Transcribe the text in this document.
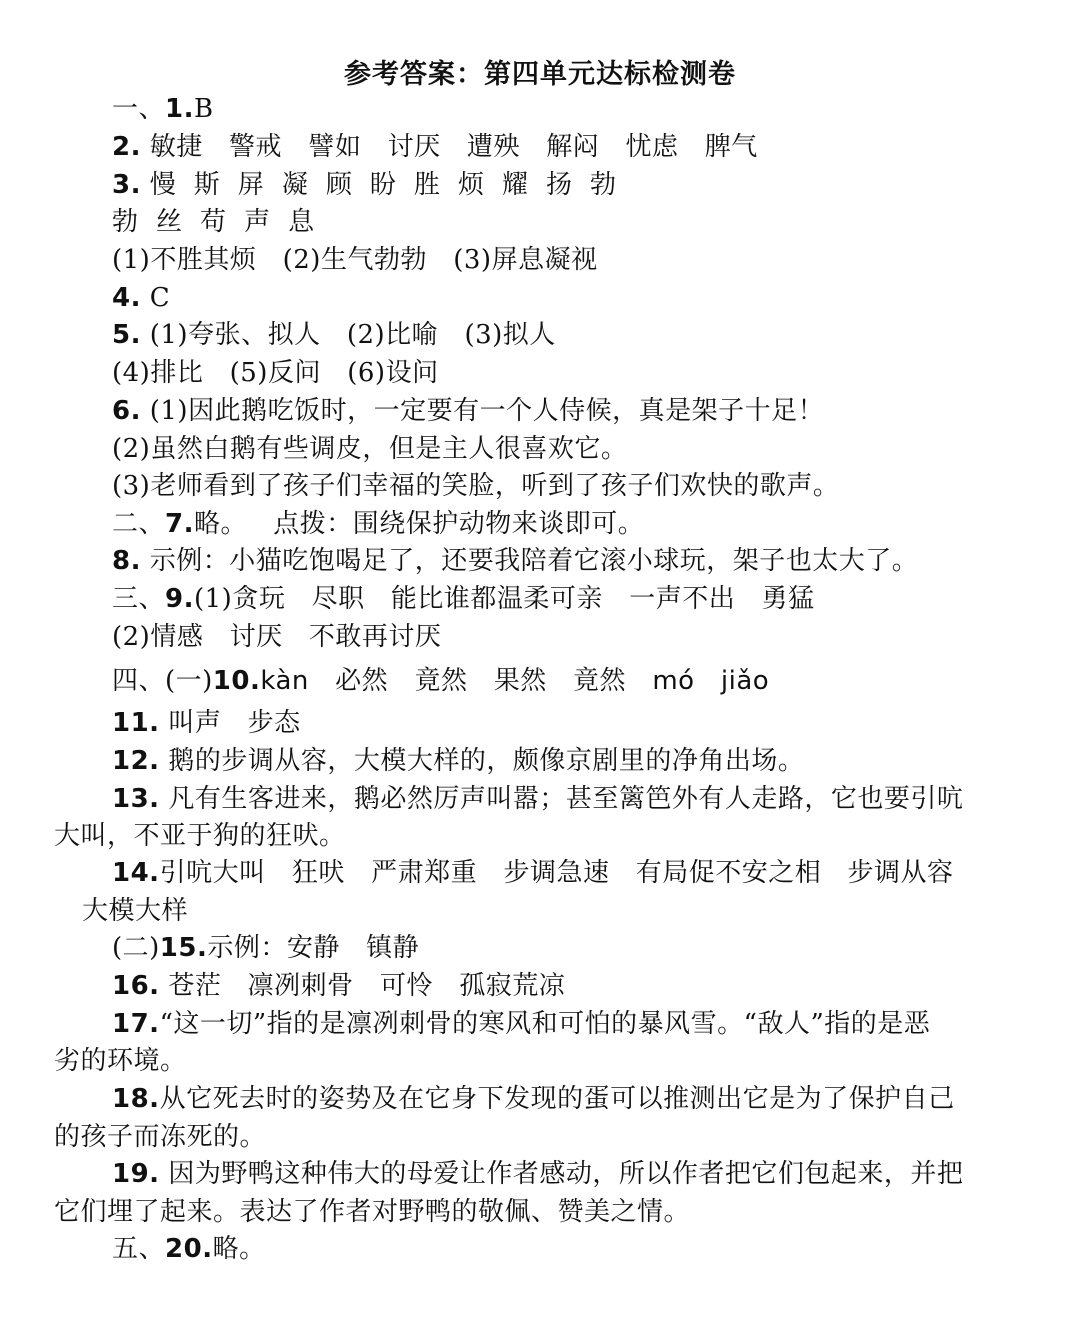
参考答案：第四单元达标检测卷
一、1.B
2. 敏捷   警戒   譬如   讨厌   遭殃   解闷   忧虑   脾气
3. 慢  斯  屏  凝  顾  盼  胜  烦  耀  扬  勃
勃  丝  苟  声  息
(1)不胜其烦   (2)生气勃勃   (3)屏息凝视
4. C
5. (1)夸张、拟人   (2)比喻   (3)拟人
(4)排比   (5)反问   (6)设问
6. (1)因此鹅吃饭时，一定要有一个人侍候，真是架子十足！
(2)虽然白鹅有些调皮，但是主人很喜欢它。
(3)老师看到了孩子们幸福的笑脸，听到了孩子们欢快的歌声。
二、7.略。   点拨：围绕保护动物来谈即可。
8. 示例：小猫吃饱喝足了，还要我陪着它滚小球玩，架子也太大了。
三、9.(1)贪玩   尽职   能比谁都温柔可亲   一声不出   勇猛
(2)情感   讨厌   不敢再讨厌
四、(一)10.kàn   必然   竟然   果然   竟然   mó   jiǎo
11. 叫声   步态
12. 鹅的步调从容，大模大样的，颇像京剧里的净角出场。
13. 凡有生客进来，鹅必然厉声叫嚣；甚至篱笆外有人走路，它也要引吭
大叫，不亚于狗的狂吠。
14.引吭大叫   狂吠   严肃郑重   步调急速   有局促不安之相   步调从容
大模大样
(二)15.示例：安静   镇静
16. 苍茫   凛冽刺骨   可怜   孤寂荒凉
17.“这一切”指的是凛冽刺骨的寒风和可怕的暴风雪。“敌人”指的是恶
劣的环境。
18.从它死去时的姿势及在它身下发现的蛋可以推测出它是为了保护自己
的孩子而冻死的。
19. 因为野鸭这种伟大的母爱让作者感动，所以作者把它们包起来，并把
它们埋了起来。表达了作者对野鸭的敬佩、赞美之情。
五、20.略。
